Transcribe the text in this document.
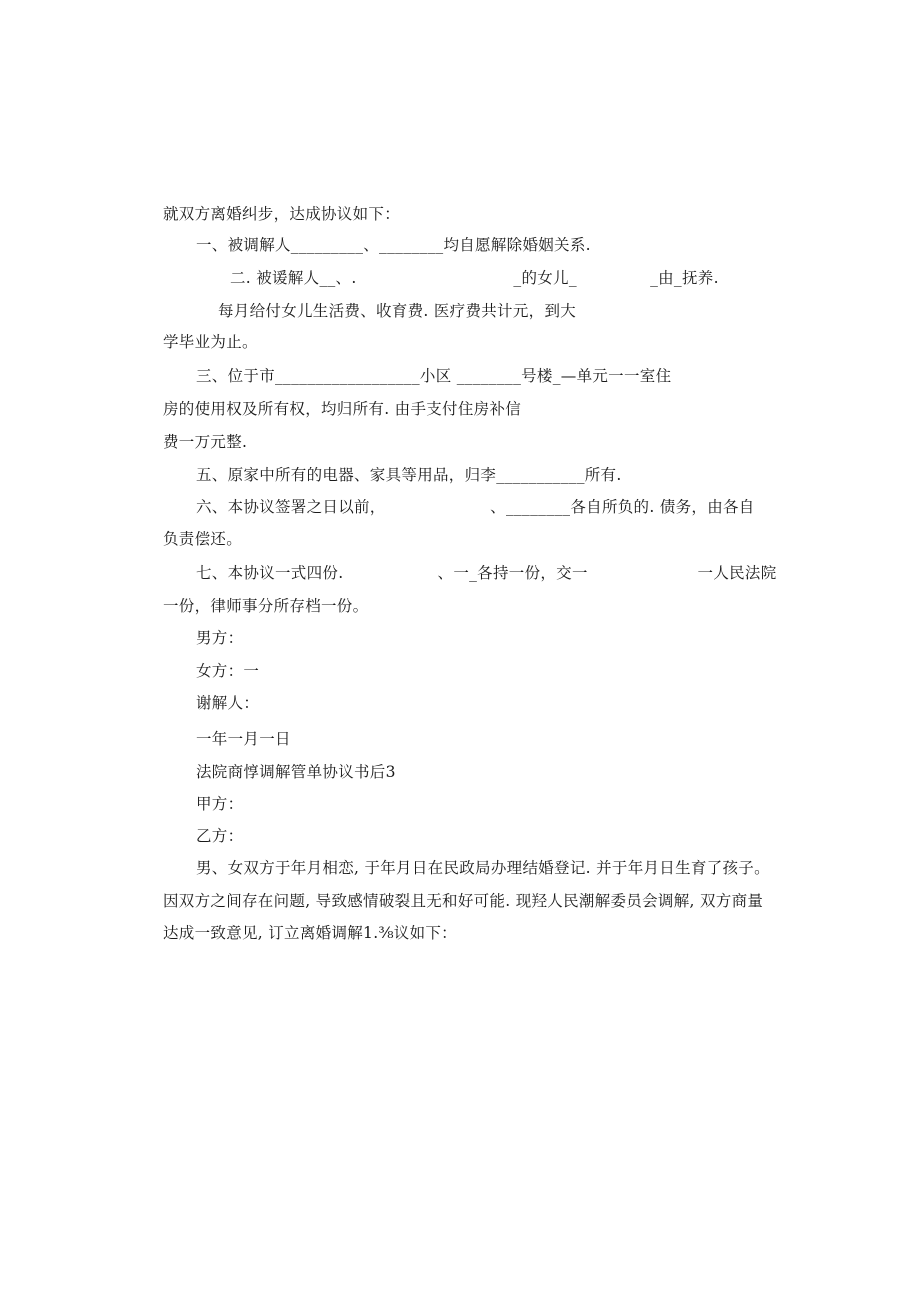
就双方离婚纠步，达成协议如下：
一、被调解人_________、________均自愿解除婚姻关系.
二. 被谖解人__、.                              _的女儿_              _由_抚养.
每月给付女儿生活费、收育费. 医疗费共计元，到大
学毕业为止。
三、位于市__________________小区 ________号楼_—单元一一室住
房的使用权及所有权，均归所有. 由手支付住房补信
费一万元整.
五、原家中所有的电器、家具等用品，归李___________所有.
六、本协议签署之日以前，                    、________各自所负的. 债务，由各自
负责偿还。
七、本协议一式四份.                  、一_各持一份，交一                     一人民法院
一份，律师事分所存档一份。
男方：
女方：一
谢解人：
一年一月一日
法院商惇调解管单协议书后3
甲方：
乙方：
男、女双方于年月相恋, 于年月日在民政局办理结婚登记. 并于年月日生育了孩子。
因双方之间存在问题, 导致感情破裂且无和好可能. 现羟人民潮解委员会调解, 双方商量
达成一致意见, 订立离婚调解1.⅜议如下：
